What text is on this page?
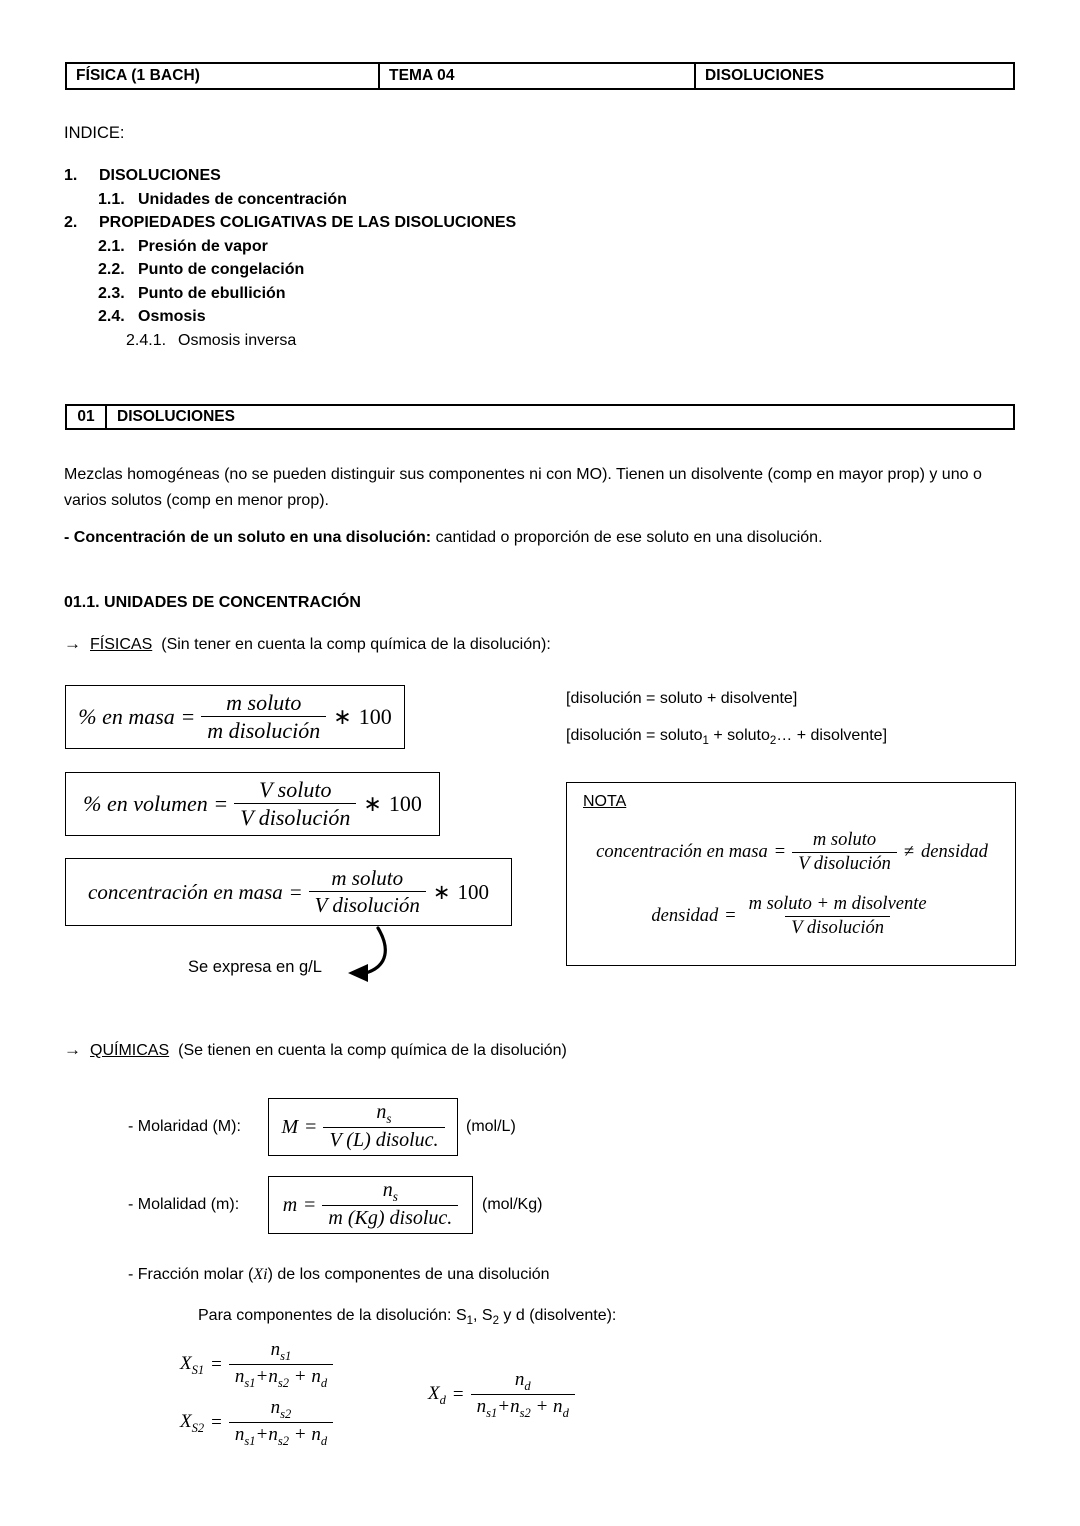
FÍSICA (1 BACH)	TEMA 04	DISOLUCIONES
INDICE:
1.	DISOLUCIONES
1.1. Unidades de concentración
2.	PROPIEDADES COLIGATIVAS DE LAS DISOLUCIONES
2.1. Presión de vapor
2.2. Punto de congelación
2.3. Punto de ebullición
2.4. Osmosis
2.4.1. Osmosis inversa
01	DISOLUCIONES
Mezclas homogéneas (no se pueden distinguir sus componentes ni con MO). Tienen un disolvente (comp en mayor prop) y uno o varios solutos (comp en menor prop).
- Concentración de un soluto en una disolución: cantidad o proporción de ese soluto en una disolución.
01.1. UNIDADES DE CONCENTRACIÓN
→ FÍSICAS (Sin tener en cuenta la comp química de la disolución):
% en masa = $\frac{\text{m soluto}}{\text{m disolución}}$ ∗ 100
% en volumen = $\frac{\text{V soluto}}{\text{V disolución}}$ ∗ 100
concentración en masa = $\frac{\text{m soluto}}{\text{V disolución}}$ ∗ 100
Se expresa en g/L
[disolución = soluto + disolvente]
[disolución = soluto$_1$ + soluto$_2$… + disolvente]
NOTA
concentración en masa = $\frac{\text{m soluto}}{\text{V disolución}}$ ≠ densidad
densidad = $\frac{\text{m soluto + m disolvente}}{\text{V disolución}}$
→ QUÍMICAS (Se tienen en cuenta la comp química de la disolución)
- Molaridad (M): $M = \frac{n_s}{\text{V (L) disoluc.}} (mol/L)$
- Molalidad (m): $m = \frac{n_s}{\text{m (Kg) disoluc.}} (mol/Kg)$
- Fracción molar (Xi) de los componentes de una disolución
Para componentes de la disolución: $S_1$, $S_2$ y d (disolvente):
$X_{S1} = \frac{n_{s1}}{n_{s1}+n_{s2} + n_d}$
$X_{S2} = \frac{n_{s2}}{n_{s1}+n_{s2} + n_d}$
$X_d = \frac{n_d}{n_{s1}+n_{s2} + n_d}$
